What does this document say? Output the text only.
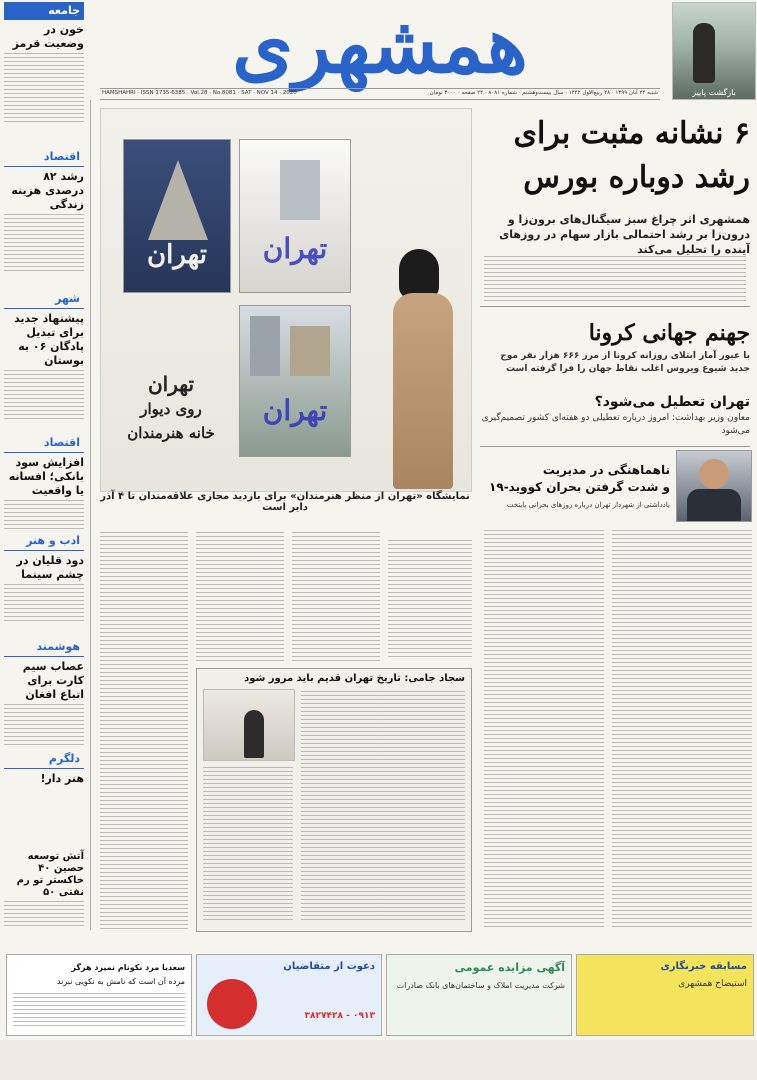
همشهری
بازگشت پاییز
HAMSHAHRI · ISSN 1735-6385 · Vol.28 · No.8081 · SAT · NOV 14 · 2020	شنبه ۲۴ آبان ۱۳۹۹ · ۲۸ ربیع‌الاول ۱۴۴۲ · سال بیست‌وهشتم · شماره ۸۰۸۱ · ۲۴ صفحه · ۳۰۰۰ تومان
جامعه
خون در وضعیت قرمز
اقتصاد
رشد ۸۲ درصدی هزینه زندگی
شهر
پیشنهاد جدید برای تبدیل پادگان ۰۶ به بوستان
اقتصاد
افزایش سود بانکی؛ افسانه یا واقعیت
ادب و هنر
دود قلیان در چشم سینما
هوشمند
عصاب سیم کارت برای اتباع افغان
دلگرم
هنر دار!
آتش توسعه حصین ۴۰ خاکستر تو رم نفتی ۵۰
۶ نشانه مثبت برای
رشد دوباره بورس
همشهری اثر چراغ سبز سیگنال‌های برون‌زا و درون‌زا بر رشد احتمالی بازار سهام در روزهای آینده را تحلیل می‌کند
جهنم جهانی کرونا
با عبور آمار ابتلای روزانه کرونا از مرز ۶۶۶ هزار نفر موج جدید شیوع ویروس اغلب نقاط جهان را فرا گرفته است
تهران تعطیل می‌شود؟
معاون وزیر بهداشت: امروز درباره تعطیلی دو هفته‌ای کشور تصمیم‌گیری می‌شود
ناهماهنگی در مدیریت
و شدت گرفتن بحران کووید-۱۹
یادداشتی از شهردار تهران درباره روزهای بحرانی پایتخت
تهران	تهران
تهران
تهران
روی دیوار
خانه هنرمندان
نمایشگاه «تهران از منظر هنرمندان» برای بازدید مجازی علاقه‌مندان تا ۴ آذر دایر است
سجاد جامی: تاریخ تهران قدیم باید مرور شود
مسابقه خبرنگاری
استیضاح همشهری
آگهی مزایده عمومی
شرکت مدیریت املاک و ساختمان‌های بانک صادرات
دعوت از متقاضیان
۰۹۱۳ - ۳۸۲۷۴۲۸
سعدیا مرد نکونام نمیرد هرگز
مرده آن است که نامش به نکویی نبرند
